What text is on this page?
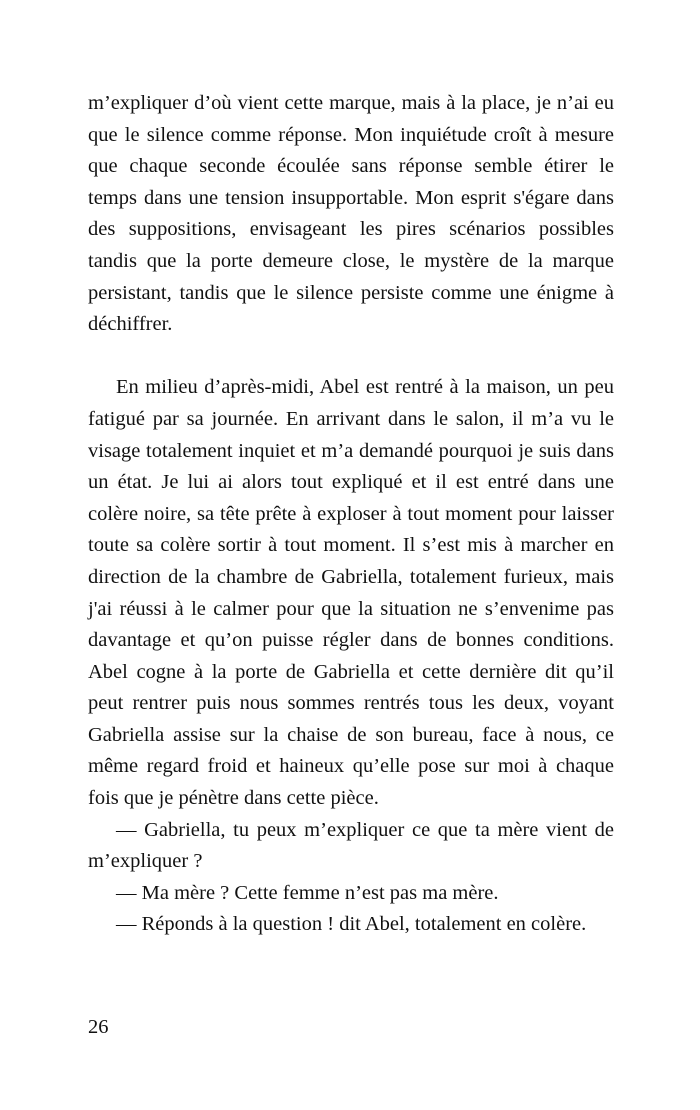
m’expliquer d’où vient cette marque, mais à la place, je n’ai eu que le silence comme réponse. Mon inquiétude croît à mesure que chaque seconde écoulée sans réponse semble étirer le temps dans une tension insupportable. Mon esprit s'égare dans des suppositions, envisageant les pires scénarios possibles tandis que la porte demeure close, le mystère de la marque persistant, tandis que le silence persiste comme une énigme à déchiffrer.

En milieu d’après-midi, Abel est rentré à la maison, un peu fatigué par sa journée. En arrivant dans le salon, il m’a vu le visage totalement inquiet et m’a demandé pourquoi je suis dans un état. Je lui ai alors tout expliqué et il est entré dans une colère noire, sa tête prête à exploser à tout moment pour laisser toute sa colère sortir à tout moment. Il s’est mis à marcher en direction de la chambre de Gabriella, totalement furieux, mais j'ai réussi à le calmer pour que la situation ne s’envenime pas davantage et qu’on puisse régler dans de bonnes conditions. Abel cogne à la porte de Gabriella et cette dernière dit qu’il peut rentrer puis nous sommes rentrés tous les deux, voyant Gabriella assise sur la chaise de son bureau, face à nous, ce même regard froid et haineux qu’elle pose sur moi à chaque fois que je pénètre dans cette pièce.

— Gabriella, tu peux m’expliquer ce que ta mère vient de m’expliquer ?

— Ma mère ? Cette femme n’est pas ma mère.

— Réponds à la question ! dit Abel, totalement en colère.

26
